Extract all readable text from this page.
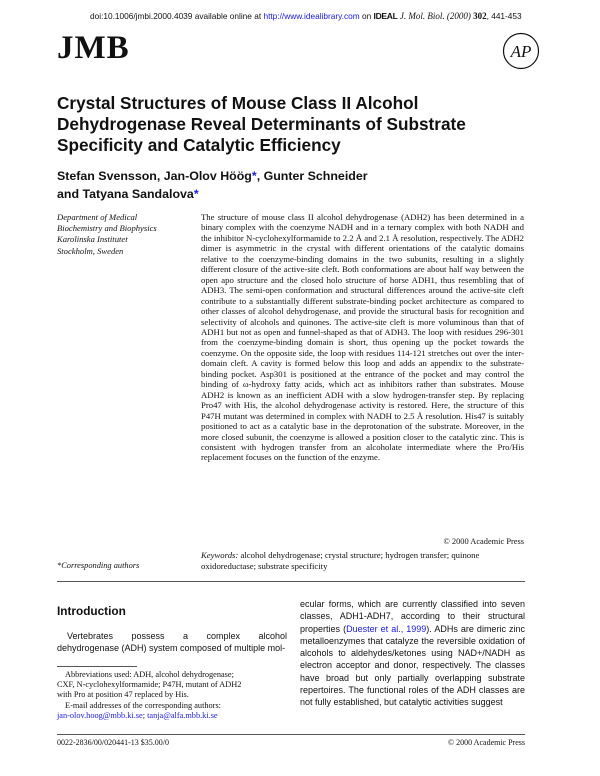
doi:10.1006/jmbi.2000.4039 available online at http://www.idealibrary.com on IDEAL J. Mol. Biol. (2000) 302, 441-453
JMB	AP
Crystal Structures of Mouse Class II Alcohol Dehydrogenase Reveal Determinants of Substrate Specificity and Catalytic Efficiency
Stefan Svensson, Jan-Olov Höög*, Gunter Schneider
and Tatyana Sandalova*
Department of Medical
Biochemistry and Biophysics
Karolinska Institutet
Stockholm, Sweden

The structure of mouse class II alcohol dehydrogenase (ADH2) has been determined in a binary complex with the coenzyme NADH and in a ternary complex with both NADH and the inhibitor N-cyclohexylformamide to 2.2 Å and 2.1 Å resolution, respectively. The ADH2 dimer is asymmetric in the crystal with different orientations of the catalytic domains relative to the coenzyme-binding domains in the two subunits, resulting in a slightly different closure of the active-site cleft. Both conformations are about half way between the open apo structure and the closed holo structure of horse ADH1, thus resembling that of ADH3. The semi-open conformation and structural differences around the active-site cleft contribute to a substantially different substrate-binding pocket architecture as compared to other classes of alcohol dehydrogenase, and provide the structural basis for recognition and selectivity of alcohols and quinones. The active-site cleft is more voluminous than that of ADH1 but not as open and funnel-shaped as that of ADH3. The loop with residues 296-301 from the coenzyme-binding domain is short, thus opening up the pocket towards the coenzyme. On the opposite side, the loop with residues 114-121 stretches out over the inter-domain cleft. A cavity is formed below this loop and adds an appendix to the substrate-binding pocket. Asp301 is positioned at the entrance of the pocket and may control the binding of ω-hydroxy fatty acids, which act as inhibitors rather than substrates. Mouse ADH2 is known as an inefficient ADH with a slow hydrogen-transfer step. By replacing Pro47 with His, the alcohol dehydrogenase activity is restored. Here, the structure of this P47H mutant was determined in complex with NADH to 2.5 Å resolution. His47 is suitably positioned to act as a catalytic base in the deprotonation of the substrate. Moreover, in the more closed subunit, the coenzyme is allowed a position closer to the catalytic zinc. This is consistent with hydrogen transfer from an alcoholate intermediate where the Pro/His replacement focuses on the function of the enzyme.

© 2000 Academic Press
Keywords: alcohol dehydrogenase; crystal structure; hydrogen transfer; quinone oxidoreductase; substrate specificity
*Corresponding authors
Introduction

Vertebrates possess a complex alcohol dehydrogenase (ADH) system composed of multiple mol-

Abbreviations used: ADH, alcohol dehydrogenase;
CXF, N-cyclohexylformamide; P47H, mutant of ADH2
with Pro at position 47 replaced by His.
E-mail addresses of the corresponding authors:
jan-olov.hoog@mbb.ki.se; tanja@alfa.mbb.ki.se

ecular forms, which are currently classified into seven classes, ADH1-ADH7, according to their structural properties (Duester et al., 1999). ADHs are dimeric zinc metalloenzymes that catalyze the reversible oxidation of alcohols to aldehydes/ketones using NAD+/NADH as electron acceptor and donor, respectively. The classes have broad but only partially overlapping substrate repertoires. The functional roles of the ADH classes are not fully established, but catalytic activities suggest

0022-2836/00/020441-13 $35.00/0	© 2000 Academic Press
